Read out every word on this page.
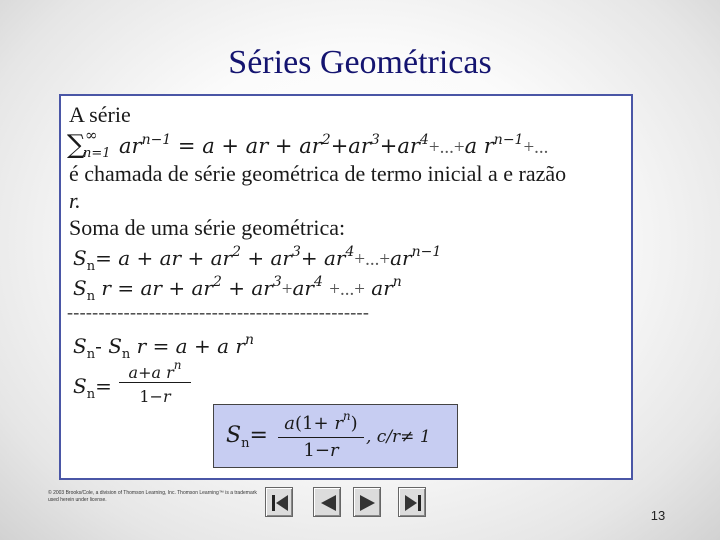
Séries Geométricas
A série
∑ ∞
n=1 $ar^{n-1} = a$ + ar + $ar^2+ar^3+ar^4+...+a$ $r^{n-1}+$...
é chamada de série geométrica de termo inicial a e razão
r.
Soma de uma série geométrica:
$S_n= a$ + ar + $ar^2 + ar^3+ ar^4+...+ar^{n-1}$
$S_n$ r = ar + $ar^2 + ar^3+ar^4$ +...+ $ar^n$
------------------------------------------------
$S_n-$ $S_n$ r = a + a $r^n$
$S_n=$
a+a $r^n$
1−r
$S_n= a(1+ r^n)$
1−r
, c/r≠ 1
© 2003 Brooks/Cole, a division of Thomson Learning, Inc. Thomson Learning™ is a trademark used herein under license.
13
